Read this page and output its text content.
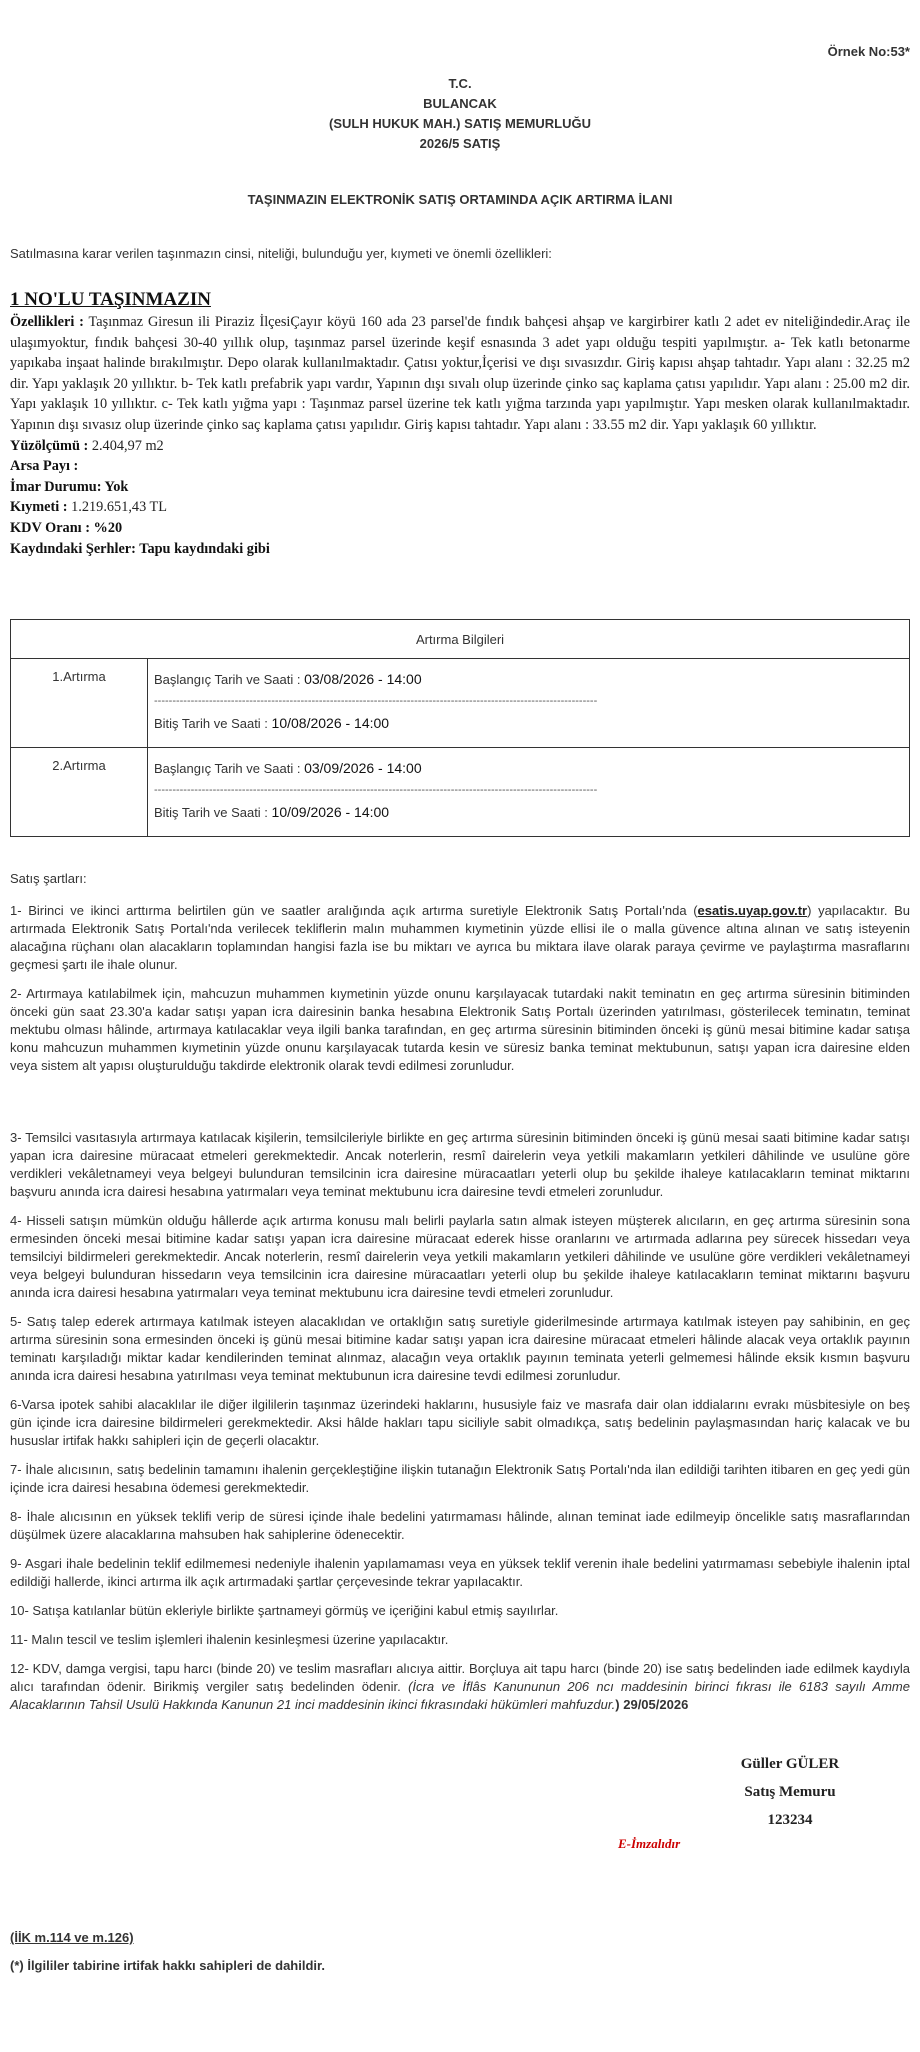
Örnek No:53*
T.C.
BULANCAK
(SULH HUKUK MAH.) SATIŞ MEMURLUĞU
2026/5 SATIŞ
TAŞINMAZIN ELEKTRONİK SATIŞ ORTAMINDA AÇIK ARTIRMA İLANI
Satılmasına karar verilen taşınmazın cinsi, niteliği, bulunduğu yer, kıymeti ve önemli özellikleri:
1 NO'LU TAŞINMAZIN
Özellikleri : Taşınmaz Giresun ili Piraziz İlçesiÇayır köyü 160 ada 23 parsel'de fındık bahçesi ahşap ve kargirbirer katlı 2 adet ev niteliğindedir.Araç ile ulaşımyoktur, fındık bahçesi 30-40 yıllık olup, taşınmaz parsel üzerinde keşif esnasında 3 adet yapı olduğu tespiti yapılmıştır. a- Tek katlı betonarme yapıkaba inşaat halinde bırakılmıştır. Depo olarak kullanılmaktadır. Çatısı yoktur,İçerisi ve dışı sıvasızdır. Giriş kapısı ahşap tahtadır. Yapı alanı : 32.25 m2 dir. Yapı yaklaşık 20 yıllıktır. b- Tek katlı prefabrik yapı vardır, Yapının dışı sıvalı olup üzerinde çinko saç kaplama çatısı yapılıdır. Yapı alanı : 25.00 m2 dir. Yapı yaklaşık 10 yıllıktır. c- Tek katlı yığma yapı : Taşınmaz parsel üzerine tek katlı yığma tarzında yapı yapılmıştır. Yapı mesken olarak kullanılmaktadır. Yapının dışı sıvasız olup üzerinde çinko saç kaplama çatısı yapılıdır. Giriş kapısı tahtadır. Yapı alanı : 33.55 m2 dir. Yapı yaklaşık 60 yıllıktır.
Yüzölçümü : 2.404,97 m2
Arsa Payı :
İmar Durumu: Yok
Kıymeti : 1.219.651,43 TL
KDV Oranı : %20
Kaydındaki Şerhler: Tapu kaydındaki gibi
Artırma Bilgileri	
1.Artırma	Başlangıç Tarih ve Saati : 03/08/2026 - 14:00
-------------------------------------------------------------------------------------------------------------------------
Bitiş Tarih ve Saati : 10/08/2026 - 14:00

2.Artırma	Başlangıç Tarih ve Saati : 03/09/2026 - 14:00
-------------------------------------------------------------------------------------------------------------------------
Bitiş Tarih ve Saati : 10/09/2026 - 14:00

Satış şartları:

1- Birinci ve ikinci arttırma belirtilen gün ve saatler aralığında açık artırma suretiyle Elektronik Satış Portalı'nda (esatis.uyap.gov.tr) yapılacaktır. Bu artırmada Elektronik Satış Portalı'nda verilecek tekliflerin malın muhammen kıymetinin yüzde ellisi ile o malla güvence altına alınan ve satış isteyenin alacağına rüçhanı olan alacakların toplamından hangisi fazla ise bu miktarı ve ayrıca bu miktara ilave olarak paraya çevirme ve paylaştırma masraflarını geçmesi şartı ile ihale olunur.

2- Artırmaya katılabilmek için, mahcuzun muhammen kıymetinin yüzde onunu karşılayacak tutardaki nakit teminatın en geç artırma süresinin bitiminden önceki gün saat 23.30'a kadar satışı yapan icra dairesinin banka hesabına Elektronik Satış Portalı üzerinden yatırılması, gösterilecek teminatın, teminat mektubu olması hâlinde, artırmaya katılacaklar veya ilgili banka tarafından, en geç artırma süresinin bitiminden önceki iş günü mesai bitimine kadar satışa konu mahcuzun muhammen kıymetinin yüzde onunu karşılayacak tutarda kesin ve süresiz banka teminat mektubunun, satışı yapan icra dairesine elden veya sistem alt yapısı oluşturulduğu takdirde elektronik olarak tevdi edilmesi zorunludur.

3- Temsilci vasıtasıyla artırmaya katılacak kişilerin, temsilcileriyle birlikte en geç artırma süresinin bitiminden önceki iş günü mesai saati bitimine kadar satışı yapan icra dairesine müracaat etmeleri gerekmektedir. Ancak noterlerin, resmî dairelerin veya yetkili makamların yetkileri dâhilinde ve usulüne göre verdikleri vekâletnameyi veya belgeyi bulunduran temsilcinin icra dairesine müracaatları yeterli olup bu şekilde ihaleye katılacakların teminat miktarını başvuru anında icra dairesi hesabına yatırmaları veya teminat mektubunu icra dairesine tevdi etmeleri zorunludur.

4- Hisseli satışın mümkün olduğu hâllerde açık artırma konusu malı belirli paylarla satın almak isteyen müşterek alıcıların, en geç artırma süresinin sona ermesinden önceki mesai bitimine kadar satışı yapan icra dairesine müracaat ederek hisse oranlarını ve artırmada adlarına pey sürecek hissedarı veya temsilciyi bildirmeleri gerekmektedir. Ancak noterlerin, resmî dairelerin veya yetkili makamların yetkileri dâhilinde ve usulüne göre verdikleri vekâletnameyi veya belgeyi bulunduran hissedarın veya temsilcinin icra dairesine müracaatları yeterli olup bu şekilde ihaleye katılacakların teminat miktarını başvuru anında icra dairesi hesabına yatırmaları veya teminat mektubunu icra dairesine tevdi etmeleri zorunludur.

5- Satış talep ederek artırmaya katılmak isteyen alacaklıdan ve ortaklığın satış suretiyle giderilmesinde artırmaya katılmak isteyen pay sahibinin, en geç artırma süresinin sona ermesinden önceki iş günü mesai bitimine kadar satışı yapan icra dairesine müracaat etmeleri hâlinde alacak veya ortaklık payının teminatı karşıladığı miktar kadar kendilerinden teminat alınmaz, alacağın veya ortaklık payının teminata yeterli gelmemesi hâlinde eksik kısmın başvuru anında icra dairesi hesabına yatırılması veya teminat mektubunun icra dairesine tevdi edilmesi zorunludur.

6-Varsa ipotek sahibi alacaklılar ile diğer ilgililerin taşınmaz üzerindeki haklarını, hususiyle faiz ve masrafa dair olan iddialarını evrakı müsbitesiyle on beş gün içinde icra dairesine bildirmeleri gerekmektedir. Aksi hâlde hakları tapu siciliyle sabit olmadıkça, satış bedelinin paylaşmasından hariç kalacak ve bu hususlar irtifak hakkı sahipleri için de geçerli olacaktır.

7- İhale alıcısının, satış bedelinin tamamını ihalenin gerçekleştiğine ilişkin tutanağın Elektronik Satış Portalı'nda ilan edildiği tarihten itibaren en geç yedi gün içinde icra dairesi hesabına ödemesi gerekmektedir.

8- İhale alıcısının en yüksek teklifi verip de süresi içinde ihale bedelini yatırmaması hâlinde, alınan teminat iade edilmeyip öncelikle satış masraflarından düşülmek üzere alacaklarına mahsuben hak sahiplerine ödenecektir.

9- Asgari ihale bedelinin teklif edilmemesi nedeniyle ihalenin yapılamaması veya en yüksek teklif verenin ihale bedelini yatırmaması sebebiyle ihalenin iptal edildiği hallerde, ikinci artırma ilk açık artırmadaki şartlar çerçevesinde tekrar yapılacaktır.

10- Satışa katılanlar bütün ekleriyle birlikte şartnameyi görmüş ve içeriğini kabul etmiş sayılırlar.

11- Malın tescil ve teslim işlemleri ihalenin kesinleşmesi üzerine yapılacaktır.

12- KDV, damga vergisi, tapu harcı (binde 20) ve teslim masrafları alıcıya aittir. Borçluya ait tapu harcı (binde 20) ise satış bedelinden iade edilmek kaydıyla alıcı tarafından ödenir. Birikmiş vergiler satış bedelinden ödenir. (İcra ve İflâs Kanununun 206 ncı maddesinin birinci fıkrası ile 6183 sayılı Amme Alacaklarının Tahsil Usulü Hakkında Kanunun 21 inci maddesinin ikinci fıkrasındaki hükümleri mahfuzdur.) 29/05/2026

Güller GÜLER
Satış Memuru
123234
E-İmzalıdır
(İİK m.114 ve m.126)
(*) İlgililer tabirine irtifak hakkı sahipleri de dahildir.
